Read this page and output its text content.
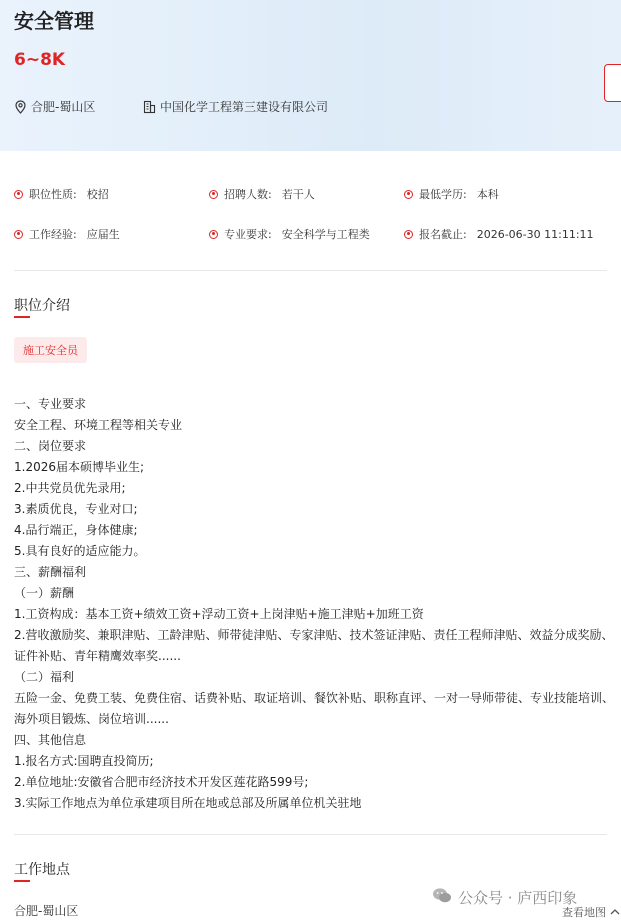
安全管理
6~8K
合肥-蜀山区	中国化学工程第三建设有限公司
职位性质: 校招	招聘人数: 若干人	最低学历: 本科
工作经验: 应届生	专业要求: 安全科学与工程类	报名截止: 2026-06-30 11:11:11
职位介绍
施工安全员
一、专业要求
安全工程、环境工程等相关专业
二、岗位要求
1.2026届本硕博毕业生;
2.中共党员优先录用;
3.素质优良，专业对口;
4.品行端正，身体健康;
5.具有良好的适应能力。
三、薪酬福利
（一）薪酬
1.工资构成：基本工资+绩效工资+浮动工资+上岗津贴+施工津贴+加班工资
2.营收激励奖、兼职津贴、工龄津贴、师带徒津贴、专家津贴、技术签证津贴、责任工程师津贴、效益分成奖励、
证件补贴、青年精鹰效率奖......
（二）福利
五险一金、免费工装、免费住宿、话费补贴、取证培训、餐饮补贴、职称直评、一对一导师带徒、专业技能培训、
海外项目锻炼、岗位培训......
四、其他信息
1.报名方式:国聘直投简历;
2.单位地址:安徽省合肥市经济技术开发区莲花路599号;
3.实际工作地点为单位承建项目所在地或总部及所属单位机关驻地
工作地点
合肥-蜀山区
公众号 · 庐西印象
查看地图
